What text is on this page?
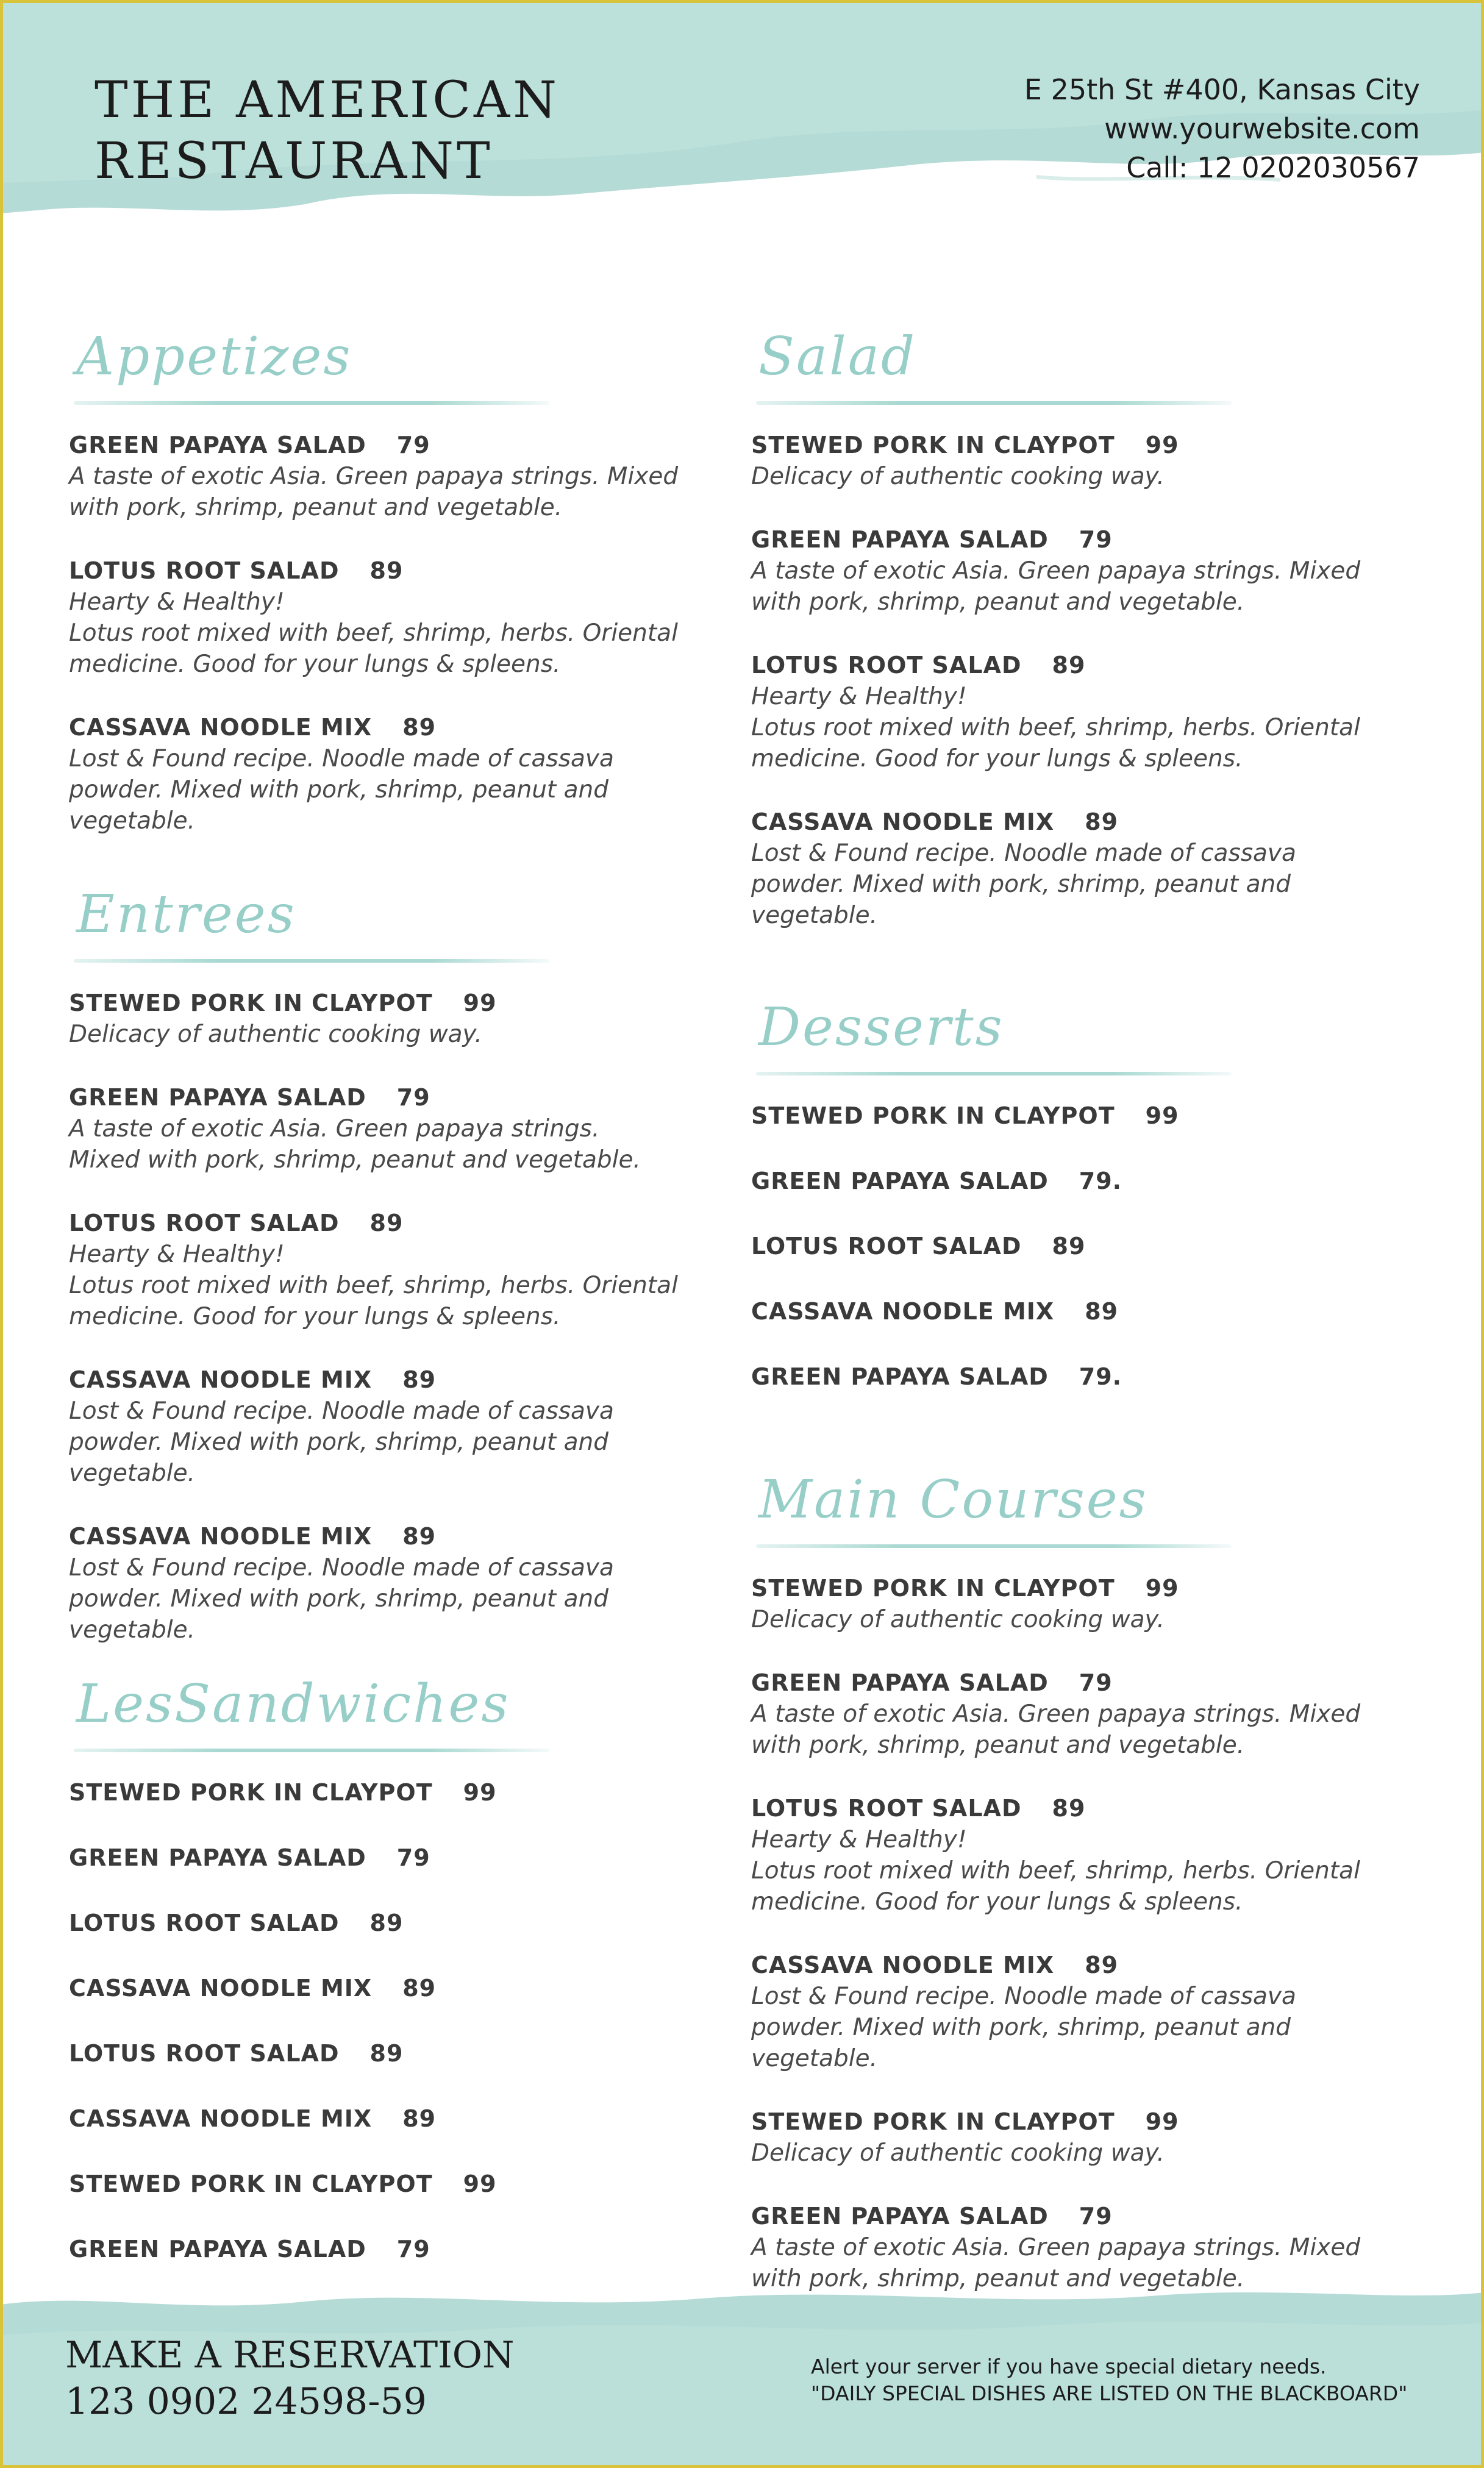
THE AMERICAN
RESTAURANT
E 25th St #400, Kansas City
www.yourwebsite.com
Call: 12 0202030567
Appetizes
GREEN PAPAYA SALAD 79
A taste of exotic Asia. Green papaya strings. Mixed
with pork, shrimp, peanut and vegetable.
LOTUS ROOT SALAD 89
Hearty & Healthy!
Lotus root mixed with beef, shrimp, herbs. Oriental
medicine. Good for your lungs & spleens.
CASSAVA NOODLE MIX 89
Lost & Found recipe. Noodle made of cassava
powder. Mixed with pork, shrimp, peanut and
vegetable.
Entrees
STEWED PORK IN CLAYPOT 99
Delicacy of authentic cooking way.
GREEN PAPAYA SALAD 79
A taste of exotic Asia. Green papaya strings.
Mixed with pork, shrimp, peanut and vegetable.
LOTUS ROOT SALAD 89
Hearty & Healthy!
Lotus root mixed with beef, shrimp, herbs. Oriental
medicine. Good for your lungs & spleens.
CASSAVA NOODLE MIX 89
Lost & Found recipe. Noodle made of cassava
powder. Mixed with pork, shrimp, peanut and
vegetable.
CASSAVA NOODLE MIX 89
Lost & Found recipe. Noodle made of cassava
powder. Mixed with pork, shrimp, peanut and
vegetable.
LesSandwiches
STEWED PORK IN CLAYPOT 99
GREEN PAPAYA SALAD 79
LOTUS ROOT SALAD 89
CASSAVA NOODLE MIX 89
LOTUS ROOT SALAD 89
CASSAVA NOODLE MIX 89
STEWED PORK IN CLAYPOT 99
GREEN PAPAYA SALAD 79
Salad
STEWED PORK IN CLAYPOT 99
Delicacy of authentic cooking way.
GREEN PAPAYA SALAD 79
A taste of exotic Asia. Green papaya strings. Mixed
with pork, shrimp, peanut and vegetable.
LOTUS ROOT SALAD 89
Hearty & Healthy!
Lotus root mixed with beef, shrimp, herbs. Oriental
medicine. Good for your lungs & spleens.
CASSAVA NOODLE MIX 89
Lost & Found recipe. Noodle made of cassava
powder. Mixed with pork, shrimp, peanut and
vegetable.
Desserts
STEWED PORK IN CLAYPOT 99
GREEN PAPAYA SALAD 79.
LOTUS ROOT SALAD 89
CASSAVA NOODLE MIX 89
GREEN PAPAYA SALAD 79.
Main Courses
STEWED PORK IN CLAYPOT 99
Delicacy of authentic cooking way.
GREEN PAPAYA SALAD 79
A taste of exotic Asia. Green papaya strings. Mixed
with pork, shrimp, peanut and vegetable.
LOTUS ROOT SALAD 89
Hearty & Healthy!
Lotus root mixed with beef, shrimp, herbs. Oriental
medicine. Good for your lungs & spleens.
CASSAVA NOODLE MIX 89
Lost & Found recipe. Noodle made of cassava
powder. Mixed with pork, shrimp, peanut and
vegetable.
STEWED PORK IN CLAYPOT 99
Delicacy of authentic cooking way.
GREEN PAPAYA SALAD 79
A taste of exotic Asia. Green papaya strings. Mixed
with pork, shrimp, peanut and vegetable.
MAKE A RESERVATION
123 0902 24598-59
Alert your server if you have special dietary needs.
"DAILY SPECIAL DISHES ARE LISTED ON THE BLACKBOARD"
